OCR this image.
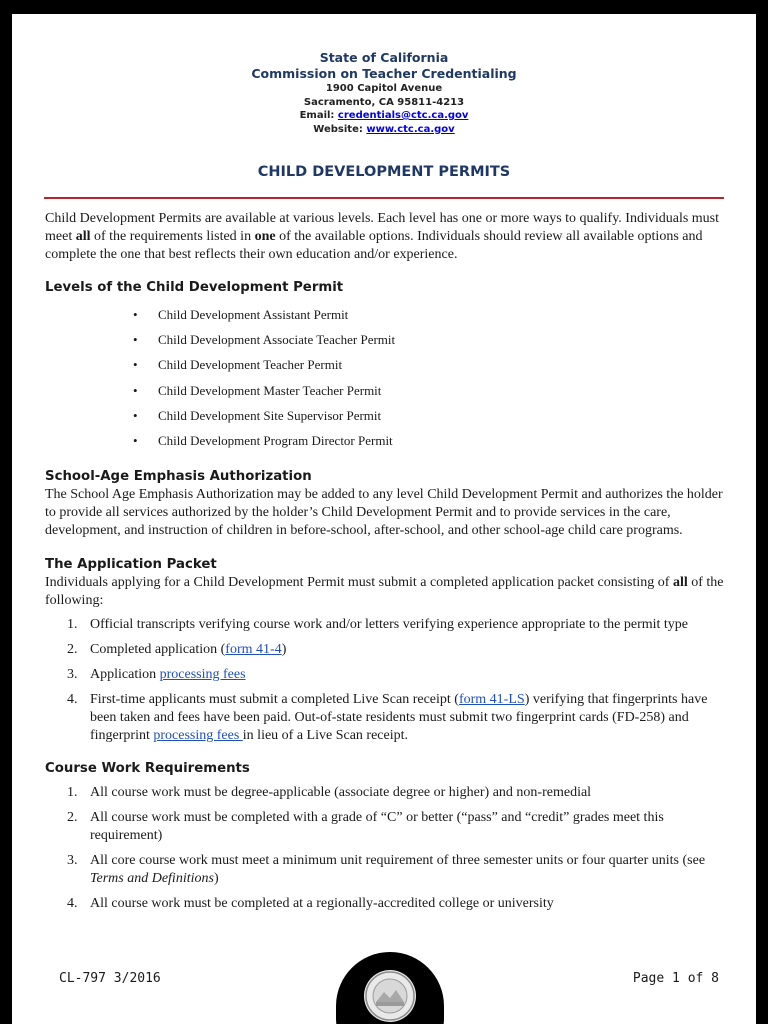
State of California
Commission on Teacher Credentialing
1900 Capitol Avenue
Sacramento, CA 95811-4213
Email: credentials@ctc.ca.gov
Website: www.ctc.ca.gov
CHILD DEVELOPMENT PERMITS

Child Development Permits are available at various levels. Each level has one or more ways to qualify. Individuals must meet all of the requirements listed in one of the available options. Individuals should review all available options and complete the one that best reflects their own education and/or experience.

Levels of the Child Development Permit
• Child Development Assistant Permit
• Child Development Associate Teacher Permit
• Child Development Teacher Permit
• Child Development Master Teacher Permit
• Child Development Site Supervisor Permit
• Child Development Program Director Permit
School-Age Emphasis Authorization

The School Age Emphasis Authorization may be added to any level Child Development Permit and authorizes the holder to provide all services authorized by the holder’s Child Development Permit and to provide services in the care, development, and instruction of children in before-school, after-school, and other school-age child care programs.

The Application Packet

Individuals applying for a Child Development Permit must submit a completed application packet consisting of all of the following:

1. Official transcripts verifying course work and/or letters verifying experience appropriate to the permit type
2. Completed application (form 41-4)
3. Application processing fees
4. First-time applicants must submit a completed Live Scan receipt (form 41-LS) verifying that fingerprints have been taken and fees have been paid. Out-of-state residents must submit two fingerprint cards (FD-258) and fingerprint processing fees in lieu of a Live Scan receipt.
Course Work Requirements
1. All course work must be degree-applicable (associate degree or higher) and non-remedial
2. All course work must be completed with a grade of “C” or better (“pass” and “credit” grades meet this requirement)
3. All core course work must meet a minimum unit requirement of three semester units or four quarter units (see Terms and Definitions)
4. All course work must be completed at a regionally-accredited college or university
CL-797 3/2016	Page 1 of 8
